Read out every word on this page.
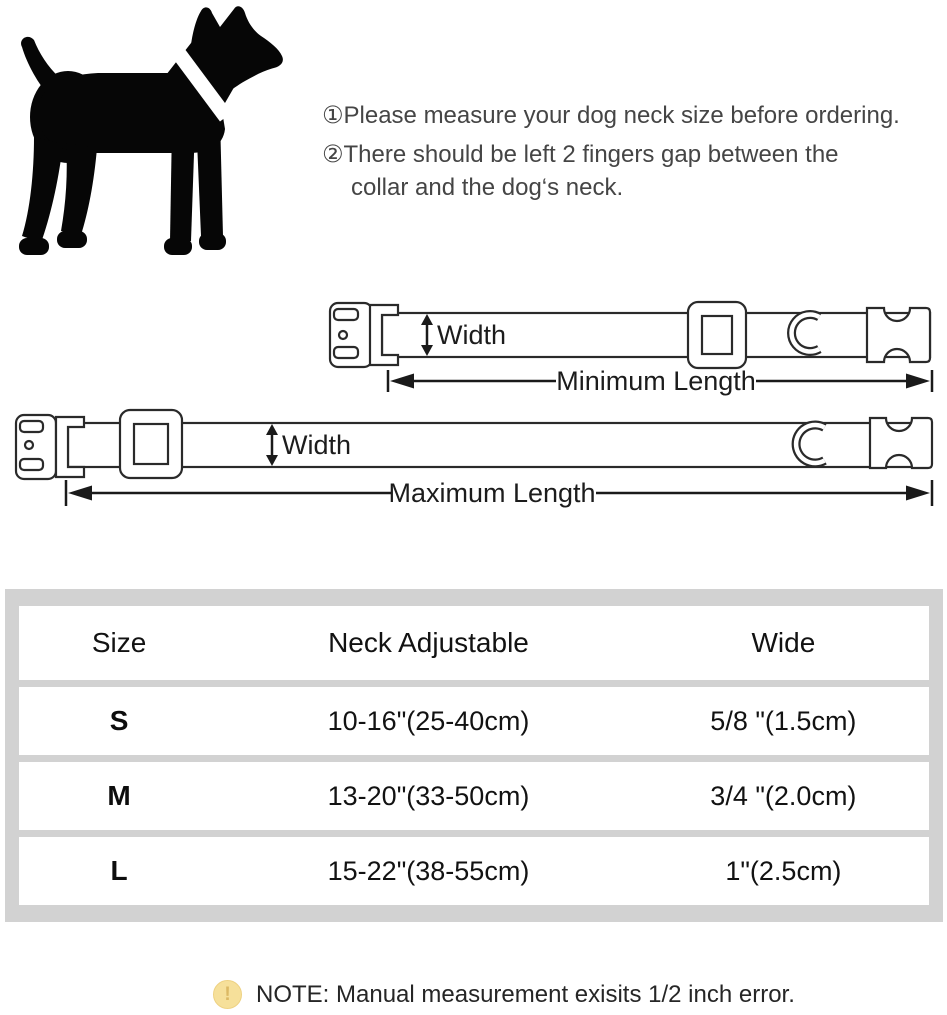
①Please measure your dog neck size before ordering.
②There should be left 2 fingers gap between the
collar and the dog‘s neck.
Width
Minimum Length
Width
Maximum Length
Size	Neck Adjustable	Wide
S	10-16"(25-40cm)	5/8 "(1.5cm)
M	13-20"(33-50cm)	3/4 "(2.0cm)
L	15-22"(38-55cm)	1"(2.5cm)
! NOTE: Manual measurement exisits 1/2 inch error.
